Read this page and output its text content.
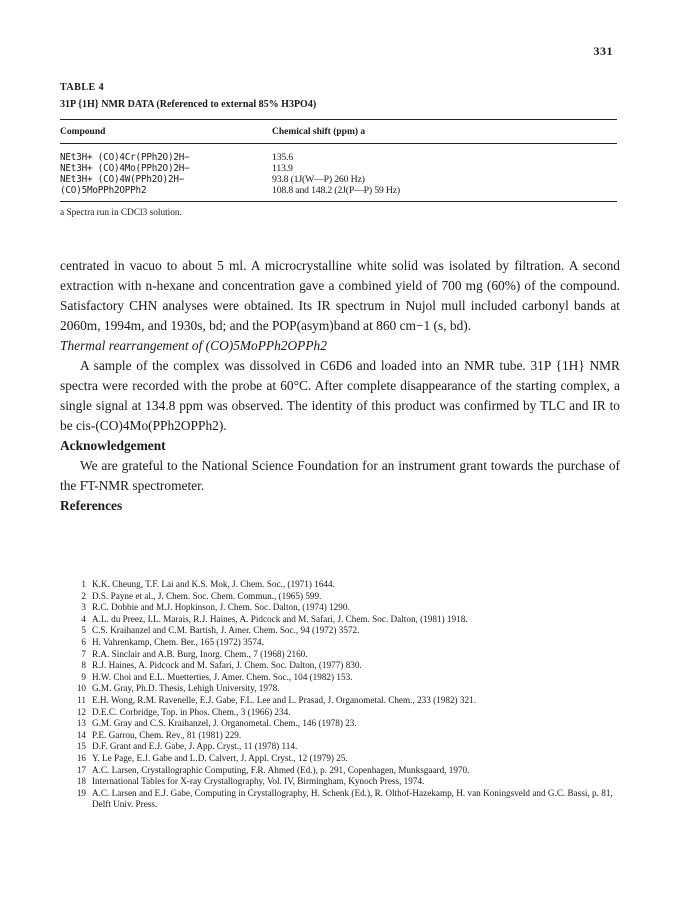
331
TABLE 4
31P {1H} NMR DATA (Referenced to external 85% H3PO4)
Compound	Chemical shift (ppm) a
NEt3H+ (CO)4Cr(PPh2O)2H−	135.6
NEt3H+ (CO)4Mo(PPh2O)2H−	113.9
NEt3H+ (CO)4W(PPh2O)2H−	93.8 (1J(W—P) 260 Hz)
(CO)5MoPPh2OPPh2	108.8 and 148.2 (2J(P—P) 59 Hz)
a Spectra run in CDCl3 solution.

centrated in vacuo to about 5 ml. A microcrystalline white solid was isolated by filtration. A second extraction with n-hexane and concentration gave a combined yield of 700 mg (60%) of the compound. Satisfactory CHN analyses were obtained. Its IR spectrum in Nujol mull included carbonyl bands at 2060m, 1994m, and 1930s, bd; and the POP(asym)band at 860 cm−1 (s, bd).

Thermal rearrangement of (CO)5MoPPh2OPPh2

A sample of the complex was dissolved in C6D6 and loaded into an NMR tube. 31P {1H} NMR spectra were recorded with the probe at 60°C. After complete disappearance of the starting complex, a single signal at 134.8 ppm was observed. The identity of this product was confirmed by TLC and IR to be cis-(CO)4Mo(PPh2OPPh2).

Acknowledgement

We are grateful to the National Science Foundation for an instrument grant towards the purchase of the FT-NMR spectrometer.

References

1 K.K. Cheung, T.F. Lai and K.S. Mok, J. Chem. Soc., (1971) 1644.
2 D.S. Payne et al., J. Chem. Soc. Chem. Commun., (1965) 599.
3 R.C. Dobbie and M.J. Hopkinson, J. Chem. Soc. Dalton, (1974) 1290.
4 A.L. du Preez, I.L. Marais, R.J. Haines, A. Pidcock and M. Safari, J. Chem. Soc. Dalton, (1981) 1918.
5 C.S. Kraihanzel and C.M. Bartish, J. Amer. Chem. Soc., 94 (1972) 3572.
6 H. Vahrenkamp, Chem. Ber., 165 (1972) 3574.
7 R.A. Sinclair and A.B. Burg, Inorg. Chem., 7 (1968) 2160.
8 R.J. Haines, A. Pidcock and M. Safari, J. Chem. Soc. Dalton, (1977) 830.
9 H.W. Choi and E.L. Muetterties, J. Amer. Chem. Soc., 104 (1982) 153.
10 G.M. Gray, Ph.D. Thesis, Lehigh University, 1978.
11 E.H. Wong, R.M. Ravenelle, E.J. Gabe, F.L. Lee and L. Prasad, J. Organometal. Chem., 233 (1982) 321.
12 D.E.C. Corbridge, Top. in Phos. Chem., 3 (1966) 234.
13 G.M. Gray and C.S. Kraihanzel, J. Organometal. Chem., 146 (1978) 23.
14 P.E. Garrou, Chem. Rev., 81 (1981) 229.
15 D.F. Grant and E.J. Gabe, J. App. Cryst., 11 (1978) 114.
16 Y. Le Page, E.J. Gabe and L.D. Calvert, J. Appl. Cryst., 12 (1979) 25.
17 A.C. Larsen, Crystallographic Computing, F.R. Ahmed (Ed.), p. 291, Copenhagen, Munksgaard, 1970.
18 International Tables for X-ray Crystallography, Vol. IV, Birmingham, Kynoch Press, 1974.
19 A.C. Larsen and E.J. Gabe, Computing in Crystallography, H. Schenk (Ed.), R. Olthof-Hazekamp, H. van Koningsveld and G.C. Bassi, p. 81, Delft Univ. Press.
